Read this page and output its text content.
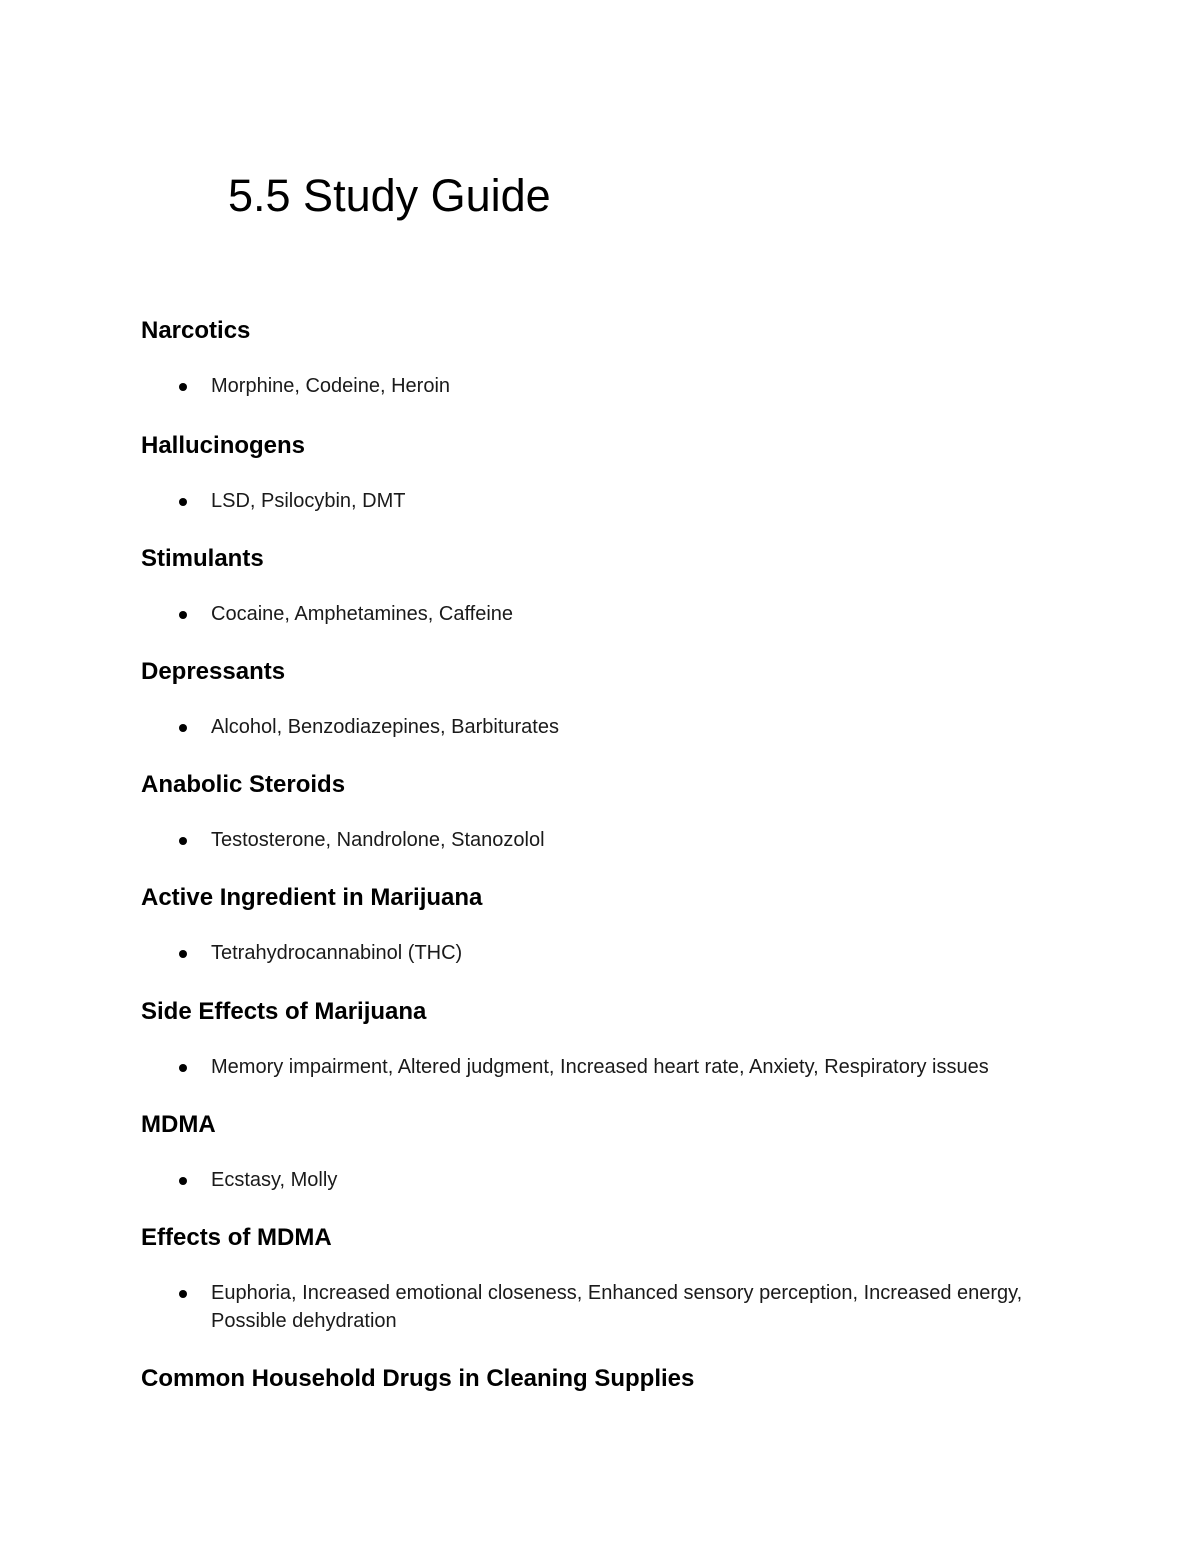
5.5 Study Guide
Narcotics

Morphine, Codeine, Heroin

Hallucinogens

LSD, Psilocybin, DMT

Stimulants

Cocaine, Amphetamines, Caffeine

Depressants

Alcohol, Benzodiazepines, Barbiturates

Anabolic Steroids

Testosterone, Nandrolone, Stanozolol

Active Ingredient in Marijuana

Tetrahydrocannabinol (THC)

Side Effects of Marijuana

Memory impairment, Altered judgment, Increased heart rate, Anxiety, Respiratory issues

MDMA

Ecstasy, Molly

Effects of MDMA

Euphoria, Increased emotional closeness, Enhanced sensory perception, Increased energy, Possible dehydration

Common Household Drugs in Cleaning Supplies
